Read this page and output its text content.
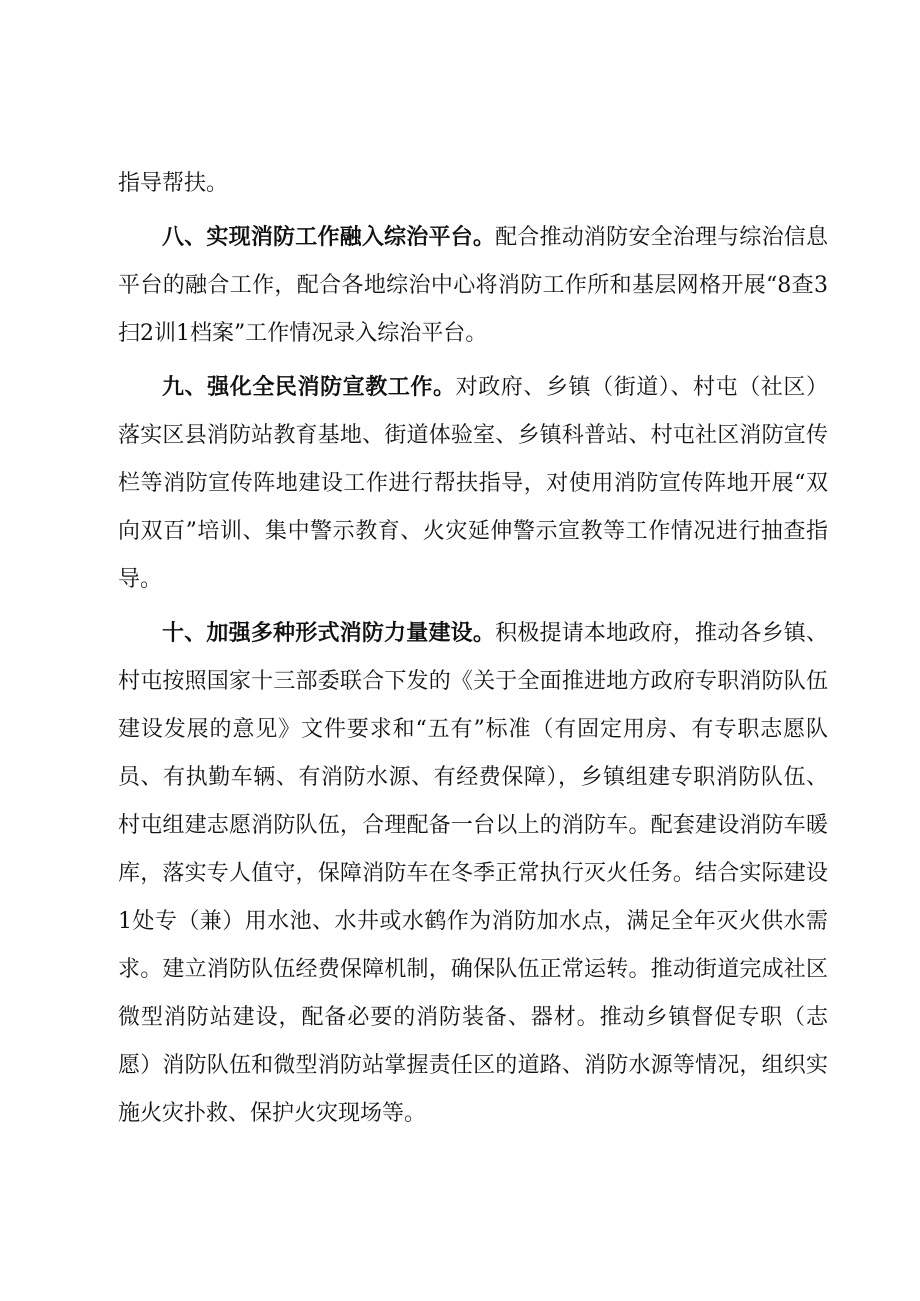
指导帮扶。

八、实现消防工作融入综治平台。配合推动消防安全治理与综治信息平台的融合工作，配合各地综治中心将消防工作所和基层网格开展“8查3扫2训1档案”工作情况录入综治平台。

九、强化全民消防宣教工作。对政府、乡镇（街道）、村屯（社区）落实区县消防站教育基地、街道体验室、乡镇科普站、村屯社区消防宣传栏等消防宣传阵地建设工作进行帮扶指导，对使用消防宣传阵地开展“双向双百”培训、集中警示教育、火灾延伸警示宣教等工作情况进行抽查指导。

十、加强多种形式消防力量建设。积极提请本地政府，推动各乡镇、村屯按照国家十三部委联合下发的《关于全面推进地方政府专职消防队伍建设发展的意见》文件要求和“五有”标准（有固定用房、有专职志愿队员、有执勤车辆、有消防水源、有经费保障），乡镇组建专职消防队伍、村屯组建志愿消防队伍，合理配备一台以上的消防车。配套建设消防车暖库，落实专人值守，保障消防车在冬季正常执行灭火任务。结合实际建设1处专（兼）用水池、水井或水鹤作为消防加水点，满足全年灭火供水需求。建立消防队伍经费保障机制，确保队伍正常运转。推动街道完成社区微型消防站建设，配备必要的消防装备、器材。推动乡镇督促专职（志愿）消防队伍和微型消防站掌握责任区的道路、消防水源等情况，组织实施火灾扑救、保护火灾现场等。
